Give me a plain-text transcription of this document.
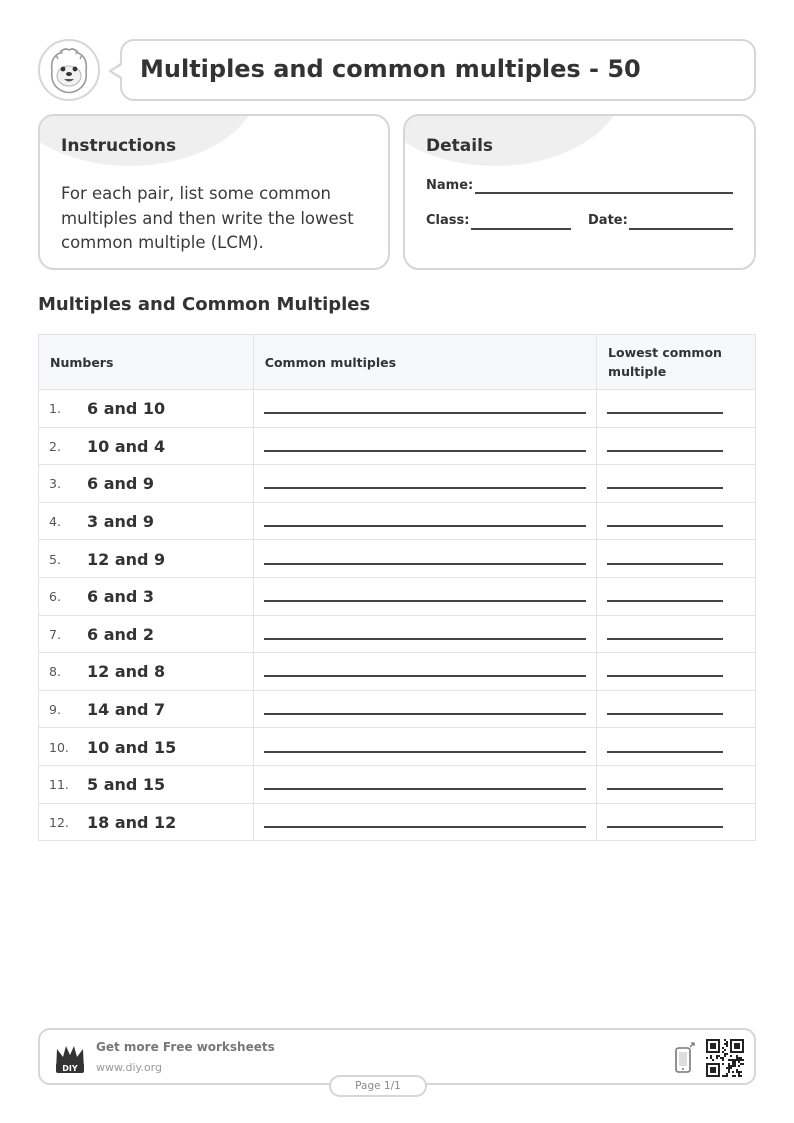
Multiples and common multiples - 50
Instructions
For each pair, list some common multiples and then write the lowest common multiple (LCM).
Details
Name:
Class:	Date:
Multiples and Common Multiples
Numbers	Common multiples	Lowest common multiple

1. 6 and 10	

2. 10 and 4	

3. 6 and 9	

4. 3 and 9	

5. 12 and 9	

6. 6 and 3	

7. 6 and 2	

8. 12 and 8	

9. 14 and 7	

10. 10 and 15	

11. 5 and 15	

12. 18 and 12	

DIY
Get more Free worksheets
www.diy.org
Page 1/1
